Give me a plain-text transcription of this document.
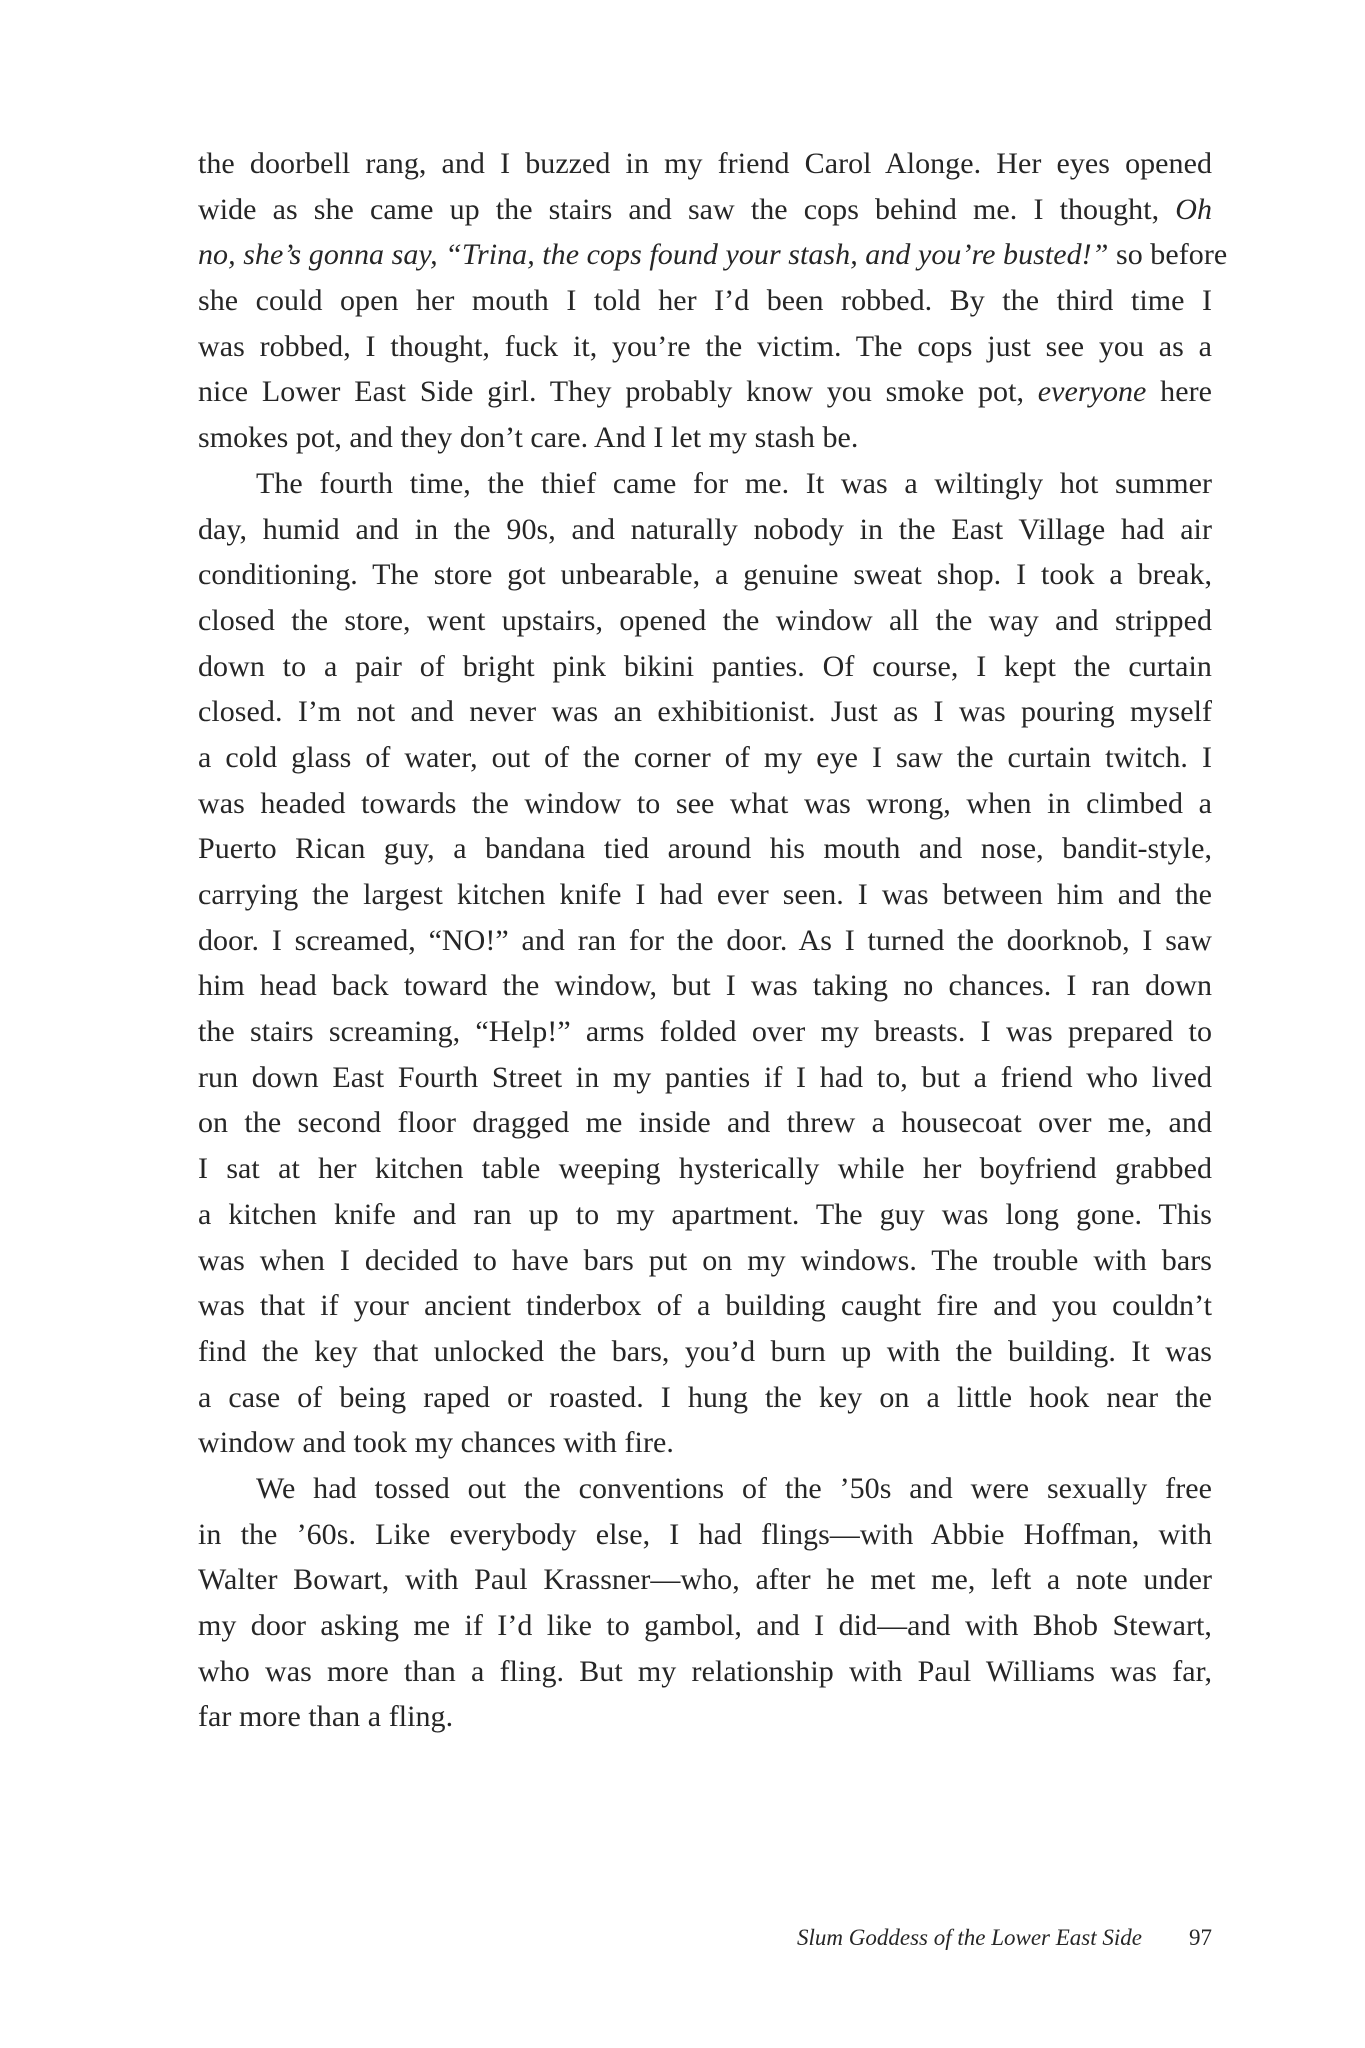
the doorbell rang, and I buzzed in my friend Carol Alonge. Her eyes opened
wide as she came up the stairs and saw the cops behind me. I thought, Oh
no, she’s gonna say, “Trina, the cops found your stash, and you’re busted!” so before
she could open her mouth I told her I’d been robbed. By the third time I
was robbed, I thought, fuck it, you’re the victim. The cops just see you as a
nice Lower East Side girl. They probably know you smoke pot, everyone here
smokes pot, and they don’t care. And I let my stash be.
The fourth time, the thief came for me. It was a wiltingly hot summer
day, humid and in the 90s, and naturally nobody in the East Village had air
conditioning. The store got unbearable, a genuine sweat shop. I took a break,
closed the store, went upstairs, opened the window all the way and stripped
down to a pair of bright pink bikini panties. Of course, I kept the curtain
closed. I’m not and never was an exhibitionist. Just as I was pouring myself
a cold glass of water, out of the corner of my eye I saw the curtain twitch. I
was headed towards the window to see what was wrong, when in climbed a
Puerto Rican guy, a bandana tied around his mouth and nose, bandit-style,
carrying the largest kitchen knife I had ever seen. I was between him and the
door. I screamed, “NO!” and ran for the door. As I turned the doorknob, I saw
him head back toward the window, but I was taking no chances. I ran down
the stairs screaming, “Help!” arms folded over my breasts. I was prepared to
run down East Fourth Street in my panties if I had to, but a friend who lived
on the second floor dragged me inside and threw a housecoat over me, and
I sat at her kitchen table weeping hysterically while her boyfriend grabbed
a kitchen knife and ran up to my apartment. The guy was long gone. This
was when I decided to have bars put on my windows. The trouble with bars
was that if your ancient tinderbox of a building caught fire and you couldn’t
find the key that unlocked the bars, you’d burn up with the building. It was
a case of being raped or roasted. I hung the key on a little hook near the
window and took my chances with fire.
We had tossed out the conventions of the ’50s and were sexually free
in the ’60s. Like everybody else, I had flings—with Abbie Hoffman, with
Walter Bowart, with Paul Krassner—who, after he met me, left a note under
my door asking me if I’d like to gambol, and I did—and with Bhob Stewart,
who was more than a fling. But my relationship with Paul Williams was far,
far more than a fling.
Slum Goddess of the Lower East Side 97
